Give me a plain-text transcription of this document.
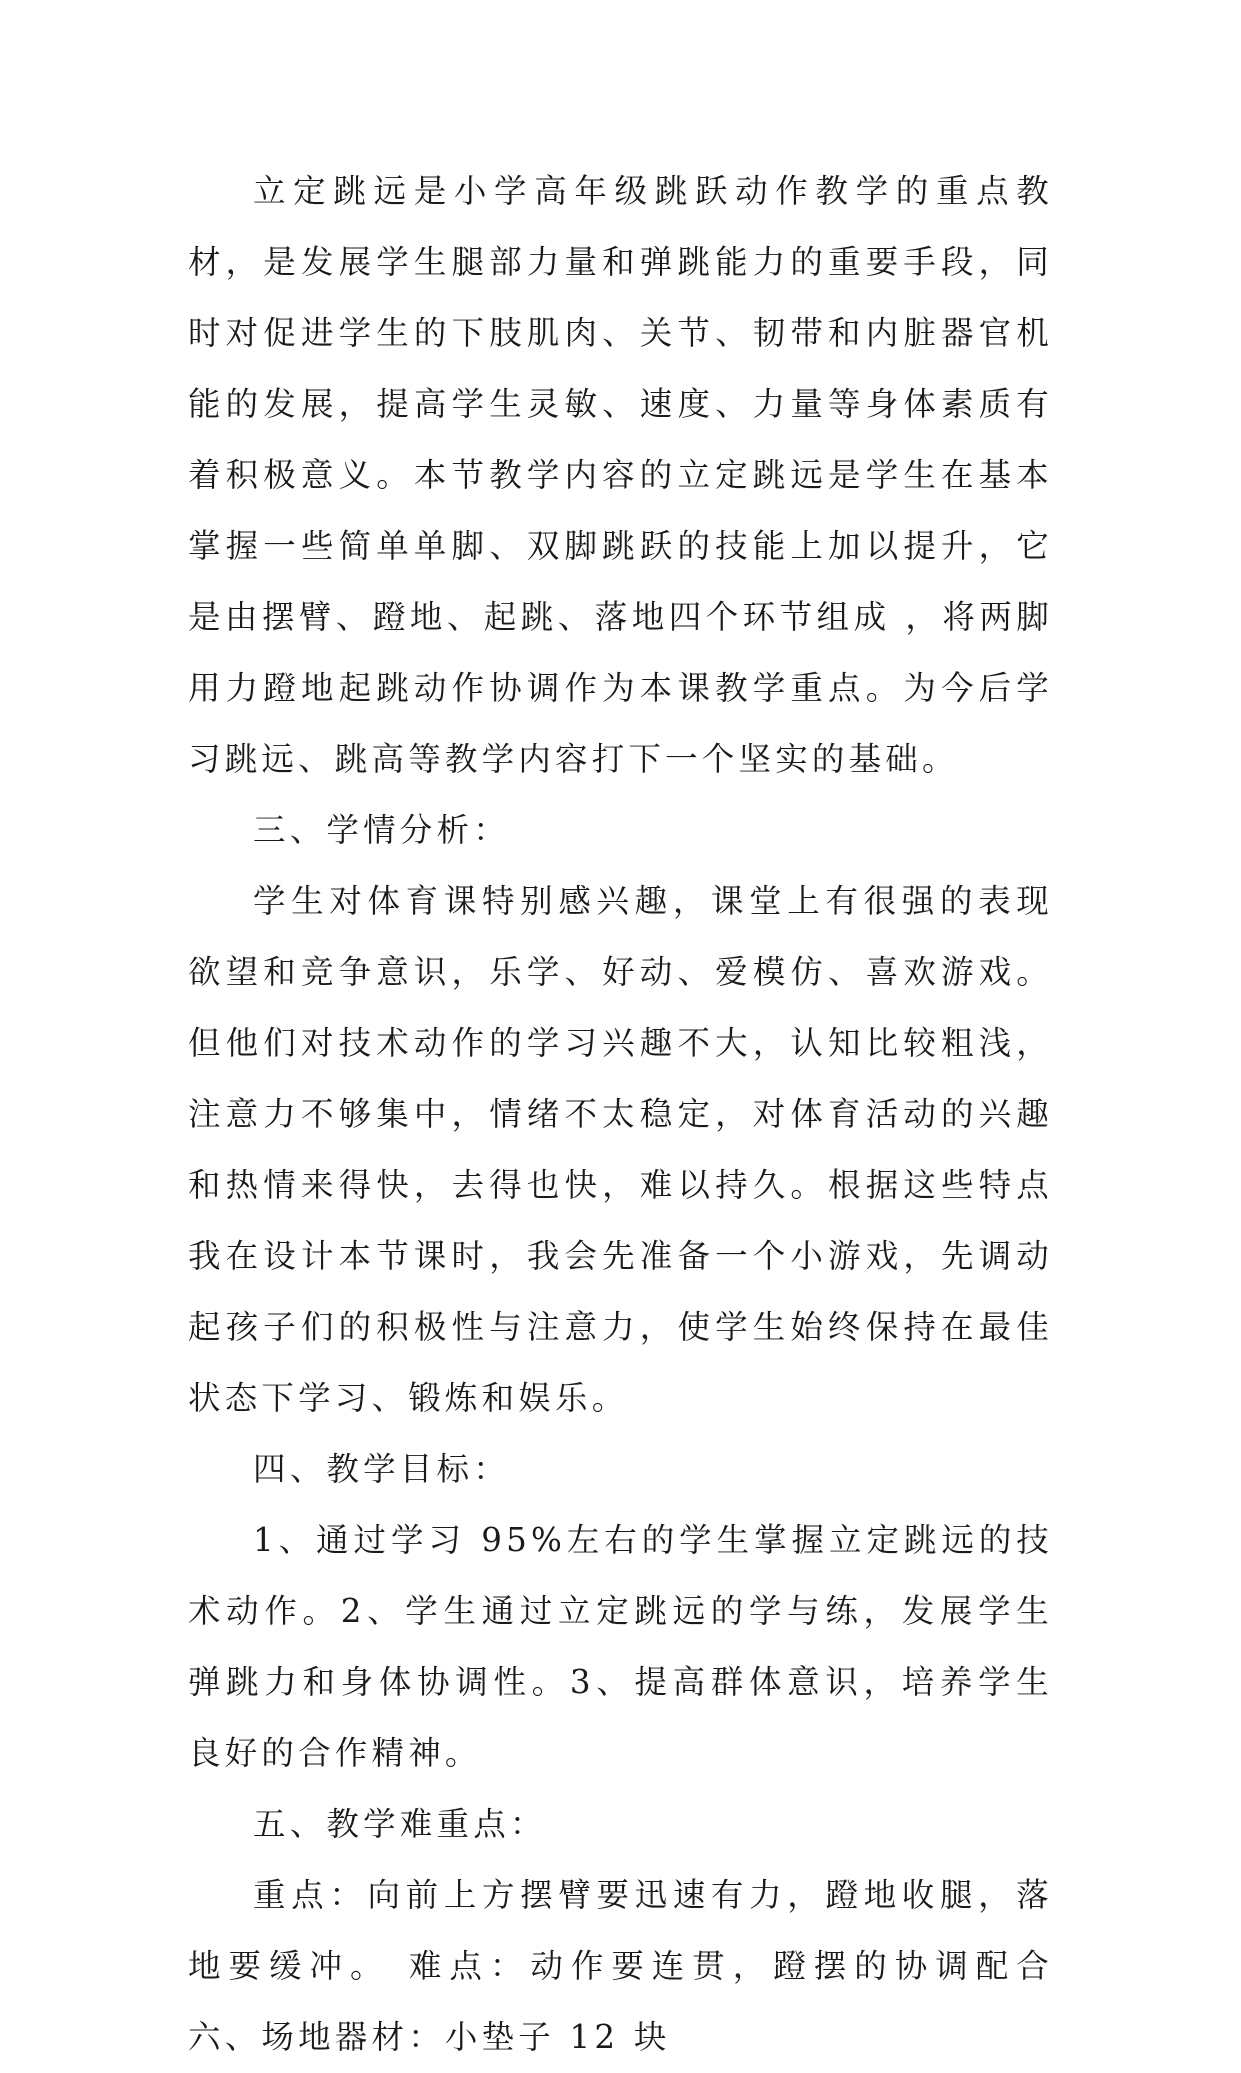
立定跳远是小学高年级跳跃动作教学的重点教材，是发展学生腿部力量和弹跳能力的重要手段，同时对促进学生的下肢肌肉、关节、韧带和内脏器官机能的发展，提高学生灵敏、速度、力量等身体素质有着积极意义。本节教学内容的立定跳远是学生在基本掌握一些简单单脚、双脚跳跃的技能上加以提升，它是由摆臂、蹬地、起跳、落地四个环节组成 ，将两脚用力蹬地起跳动作协调作为本课教学重点。为今后学习跳远、跳高等教学内容打下一个坚实的基础。

三、学情分析：

学生对体育课特别感兴趣，课堂上有很强的表现欲望和竞争意识，乐学、好动、爱模仿、喜欢游戏。但他们对技术动作的学习兴趣不大，认知比较粗浅，注意力不够集中，情绪不太稳定，对体育活动的兴趣和热情来得快，去得也快，难以持久。根据这些特点我在设计本节课时，我会先准备一个小游戏，先调动起孩子们的积极性与注意力，使学生始终保持在最佳状态下学习、锻炼和娱乐。

四、教学目标：

1、通过学习 95%左右的学生掌握立定跳远的技术动作。2、学生通过立定跳远的学与练，发展学生弹跳力和身体协调性。3、提高群体意识，培养学生良好的合作精神。

五、教学难重点：

重点：向前上方摆臂要迅速有力，蹬地收腿，落地要缓冲。 难点：动作要连贯，蹬摆的协调配合 六、场地器材：小垫子 12 块
